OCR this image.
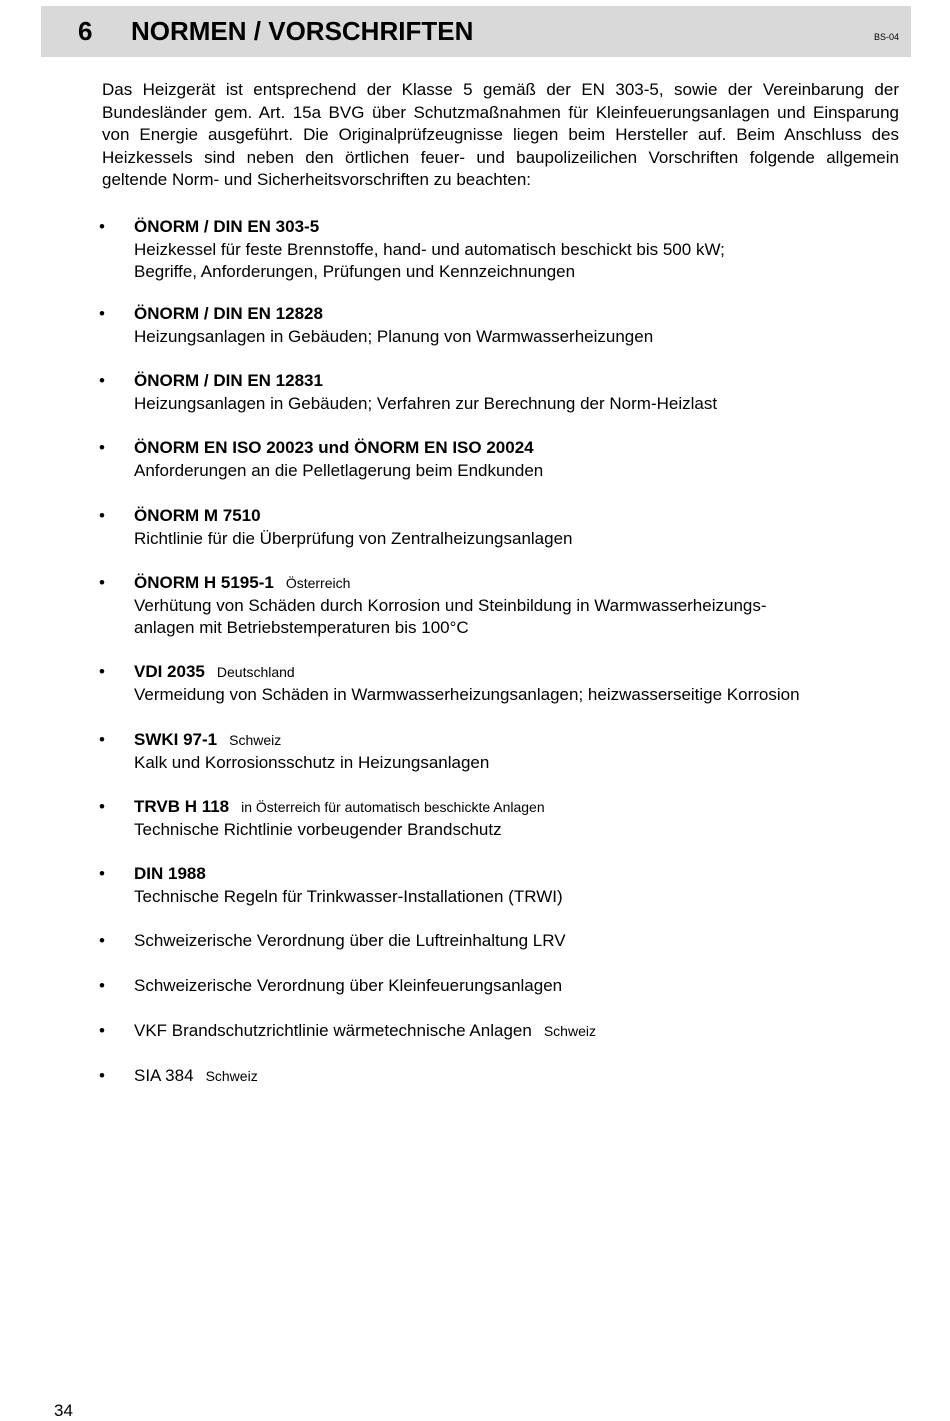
6 NORMEN / VORSCHRIFTEN	BS-04

Das Heizgerät ist entsprechend der Klasse 5 gemäß der EN 303-5, sowie der Vereinbarung der Bundesländer gem. Art. 15a BVG über Schutzmaßnahmen für Kleinfeuerungsanlagen und Einsparung von Energie ausgeführt. Die Originalprüfzeugnisse liegen beim Hersteller auf. Beim Anschluss des Heizkessels sind neben den örtlichen feuer- und baupolizeilichen Vorschriften folgende allgemein geltende Norm- und Sicherheitsvorschriften zu beachten:

• ÖNORM / DIN EN 303-5
Heizkessel für feste Brennstoffe, hand- und automatisch beschickt bis 500 kW;
Begriffe, Anforderungen, Prüfungen und Kennzeichnungen
• ÖNORM / DIN EN 12828
Heizungsanlagen in Gebäuden; Planung von Warmwasserheizungen
• ÖNORM / DIN EN 12831
Heizungsanlagen in Gebäuden; Verfahren zur Berechnung der Norm-Heizlast
• ÖNORM EN ISO 20023 und ÖNORM EN ISO 20024
Anforderungen an die Pelletlagerung beim Endkunden
• ÖNORM M 7510
Richtlinie für die Überprüfung von Zentralheizungsanlagen
• ÖNORM H 5195-1 Österreich
Verhütung von Schäden durch Korrosion und Steinbildung in Warmwasserheizungs-
anlagen mit Betriebstemperaturen bis 100°C
• VDI 2035 Deutschland
Vermeidung von Schäden in Warmwasserheizungsanlagen; heizwasserseitige Korrosion
• SWKI 97-1 Schweiz
Kalk und Korrosionsschutz in Heizungsanlagen
• TRVB H 118 in Österreich für automatisch beschickte Anlagen
Technische Richtlinie vorbeugender Brandschutz
• DIN 1988
Technische Regeln für Trinkwasser-Installationen (TRWI)
• Schweizerische Verordnung über die Luftreinhaltung LRV
• Schweizerische Verordnung über Kleinfeuerungsanlagen
• VKF Brandschutzrichtlinie wärmetechnische Anlagen Schweiz
• SIA 384 Schweiz
34
